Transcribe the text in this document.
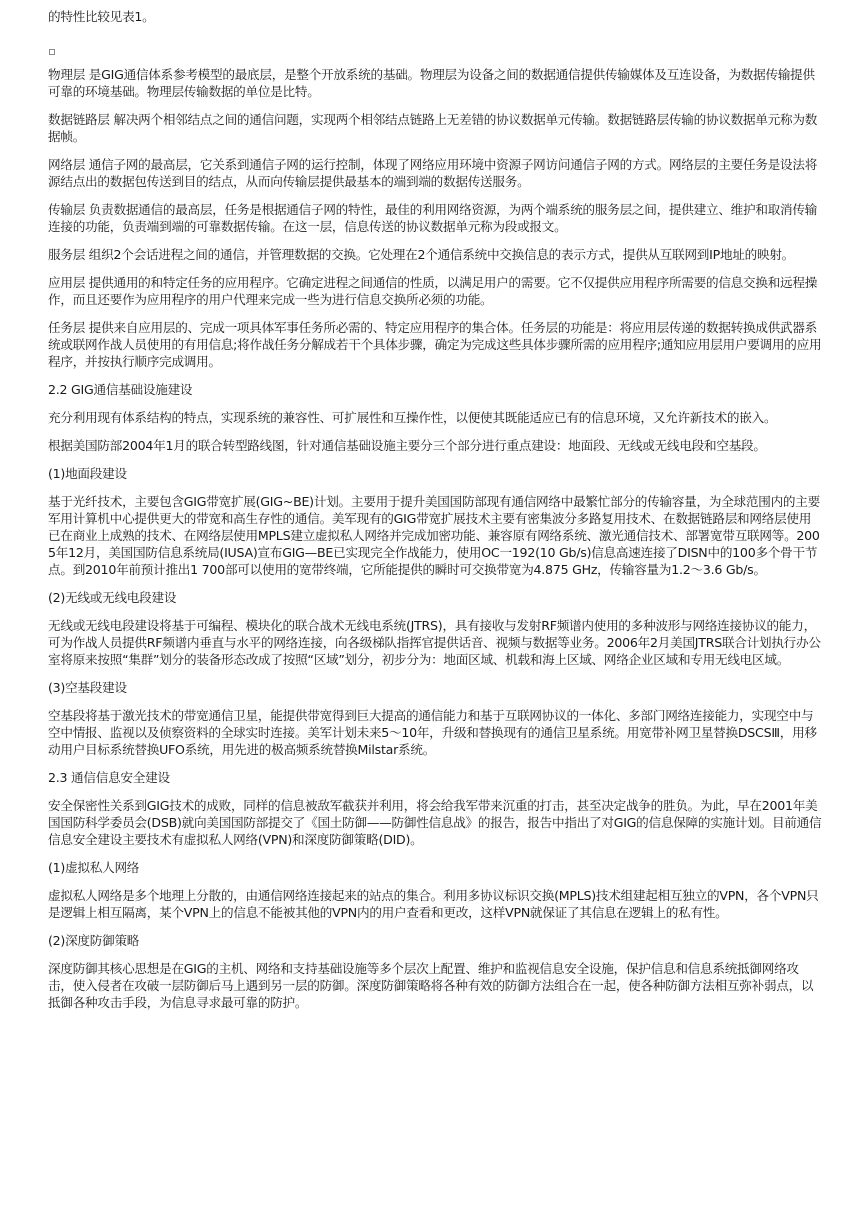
的特性比较见表1。

物理层 是GIG通信体系参考模型的最底层，是整个开放系统的基础。物理层为设备之间的数据通信提供传输媒体及互连设备，为数据传输提供可靠的环境基础。物理层传输数据的单位是比特。

数据链路层 解决两个相邻结点之间的通信问题，实现两个相邻结点链路上无差错的协议数据单元传输。数据链路层传输的协议数据单元称为数据帧。

网络层 通信子网的最高层，它关系到通信子网的运行控制，体现了网络应用环境中资源子网访问通信子网的方式。网络层的主要任务是设法将源结点出的数据包传送到目的结点，从而向传输层提供最基本的端到端的数据传送服务。

传输层 负责数据通信的最高层，任务是根据通信子网的特性，最佳的利用网络资源，为两个端系统的服务层之间，提供建立、维护和取消传输连接的功能，负责端到端的可靠数据传输。在这一层，信息传送的协议数据单元称为段或报文。

服务层 组织2个会话进程之间的通信，并管理数据的交换。它处理在2个通信系统中交换信息的表示方式，提供从互联网到IP地址的映射。

应用层 提供通用的和特定任务的应用程序。它确定进程之间通信的性质，以满足用户的需要。它不仅提供应用程序所需要的信息交换和远程操作，而且还要作为应用程序的用户代理来完成一些为进行信息交换所必须的功能。

任务层 提供来自应用层的、完成一项具体军事任务所必需的、特定应用程序的集合体。任务层的功能是：将应用层传递的数据转换成供武器系统或联网作战人员使用的有用信息;将作战任务分解成若干个具体步骤，确定为完成这些具体步骤所需的应用程序;通知应用层用户要调用的应用程序，并按执行顺序完成调用。

2.2 GIG通信基础设施建设

充分利用现有体系结构的特点，实现系统的兼容性、可扩展性和互操作性，以便使其既能适应已有的信息环境，又允许新技术的嵌入。

根据美国防部2004年1月的联合转型路线图，针对通信基础设施主要分三个部分进行重点建设：地面段、无线或无线电段和空基段。

(1)地面段建设

基于光纤技术，主要包含GIG带宽扩展(GIG~BE)计划。主要用于提升美国国防部现有通信网络中最繁忙部分的传输容量，为全球范围内的主要军用计算机中心提供更大的带宽和高生存性的通信。美军现有的GIG带宽扩展技术主要有密集波分多路复用技术、在数据链路层和网络层使用已在商业上成熟的技术、在网络层使用MPLS建立虚拟私人网络并完成加密功能、兼容原有网络系统、激光通信技术、部署宽带互联网等。2005年12月，美国国防信息系统局(IUSA)宣布GIG—BE已实现完全作战能力，使用OC一192(10 Gb/s)信息高速连接了DISN中的100多个骨干节点。到2010年前预计推出1 700部可以使用的宽带终端，它所能提供的瞬时可交换带宽为4.875 GHz，传输容量为1.2～3.6 Gb/s。

(2)无线或无线电段建设

无线或无线电段建设将基于可编程、模块化的联合战术无线电系统(JTRS)，具有接收与发射RF频谱内使用的多种波形与网络连接协议的能力，可为作战人员提供RF频谱内垂直与水平的网络连接，向各级梯队指挥官提供话音、视频与数据等业务。2006年2月美国JTRS联合计划执行办公室将原来按照“集群”划分的装备形态改成了按照“区域”划分，初步分为：地面区域、机载和海上区域、网络企业区域和专用无线电区域。

(3)空基段建设

空基段将基于激光技术的带宽通信卫星，能提供带宽得到巨大提高的通信能力和基于互联网协议的一体化、多部门网络连接能力，实现空中与空中情报、监视以及侦察资料的全球实时连接。美军计划未来5～10年，升级和替换现有的通信卫星系统。用宽带补网卫星替换DSCSⅢ，用移动用户目标系统替换UFO系统，用先进的极高频系统替换Milstar系统。

2.3 通信信息安全建设

安全保密性关系到GIG技术的成败，同样的信息被敌军截获并利用，将会给我军带来沉重的打击，甚至决定战争的胜负。为此，早在2001年美国国防科学委员会(DSB)就向美国国防部提交了《国土防御——防御性信息战》的报告，报告中指出了对GIG的信息保障的实施计划。目前通信信息安全建设主要技术有虚拟私人网络(VPN)和深度防御策略(DID)。

(1)虚拟私人网络

虚拟私人网络是多个地理上分散的，由通信网络连接起来的站点的集合。利用多协议标识交换(MPLS)技术组建起相互独立的VPN，各个VPN只是逻辑上相互隔离，某个VPN上的信息不能被其他的VPN内的用户查看和更改，这样VPN就保证了其信息在逻辑上的私有性。

(2)深度防御策略

深度防御其核心思想是在GIG的主机、网络和支持基础设施等多个层次上配置、维护和监视信息安全设施，保护信息和信息系统抵御网络攻击，使入侵者在攻破一层防御后马上遇到另一层的防御。深度防御策略将各种有效的防御方法组合在一起，使各种防御方法相互弥补弱点，以抵御各种攻击手段，为信息寻求最可靠的防护。
